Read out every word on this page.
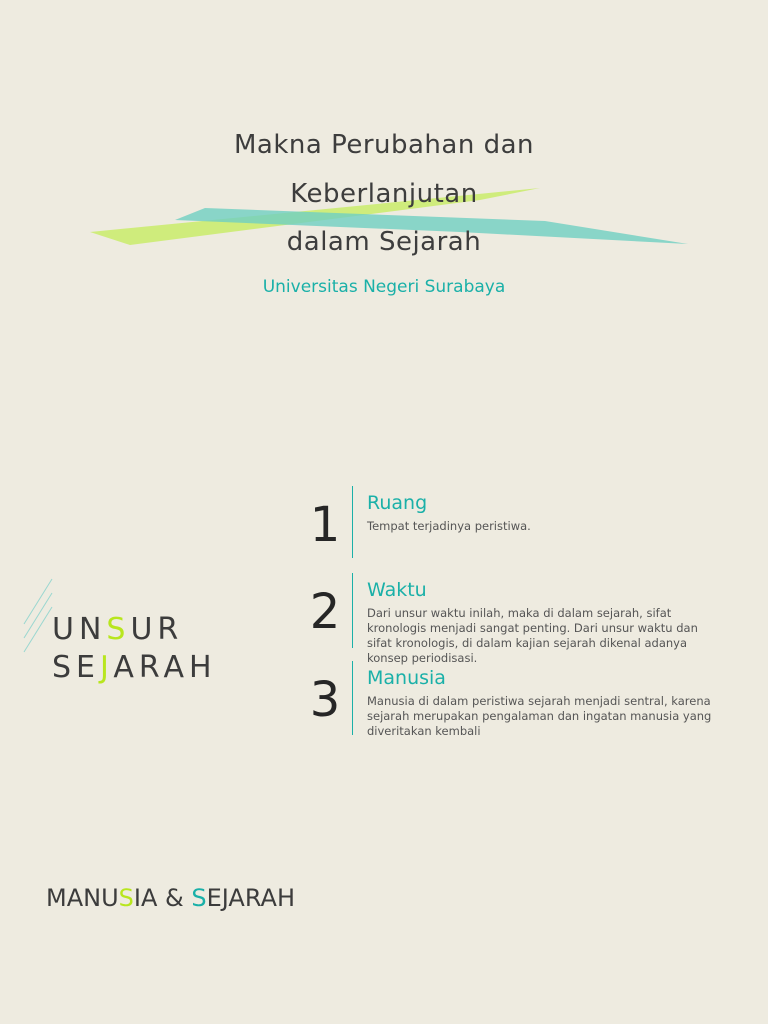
Makna Perubahan dan
Keberlanjutan
dalam Sejarah
Universitas Negeri Surabaya
UNSUR
SEJARAH
1 Ruang
Tempat terjadinya peristiwa.
2 Waktu
Dari unsur waktu inilah, maka di dalam sejarah, sifat kronologis menjadi sangat penting. Dari unsur waktu dan sifat kronologis, di dalam kajian sejarah dikenal adanya konsep periodisasi.
3 Manusia
Manusia di dalam peristiwa sejarah menjadi sentral, karena sejarah merupakan pengalaman dan ingatan manusia yang diveritakan kembali
MANUSIA & SEJARAH
